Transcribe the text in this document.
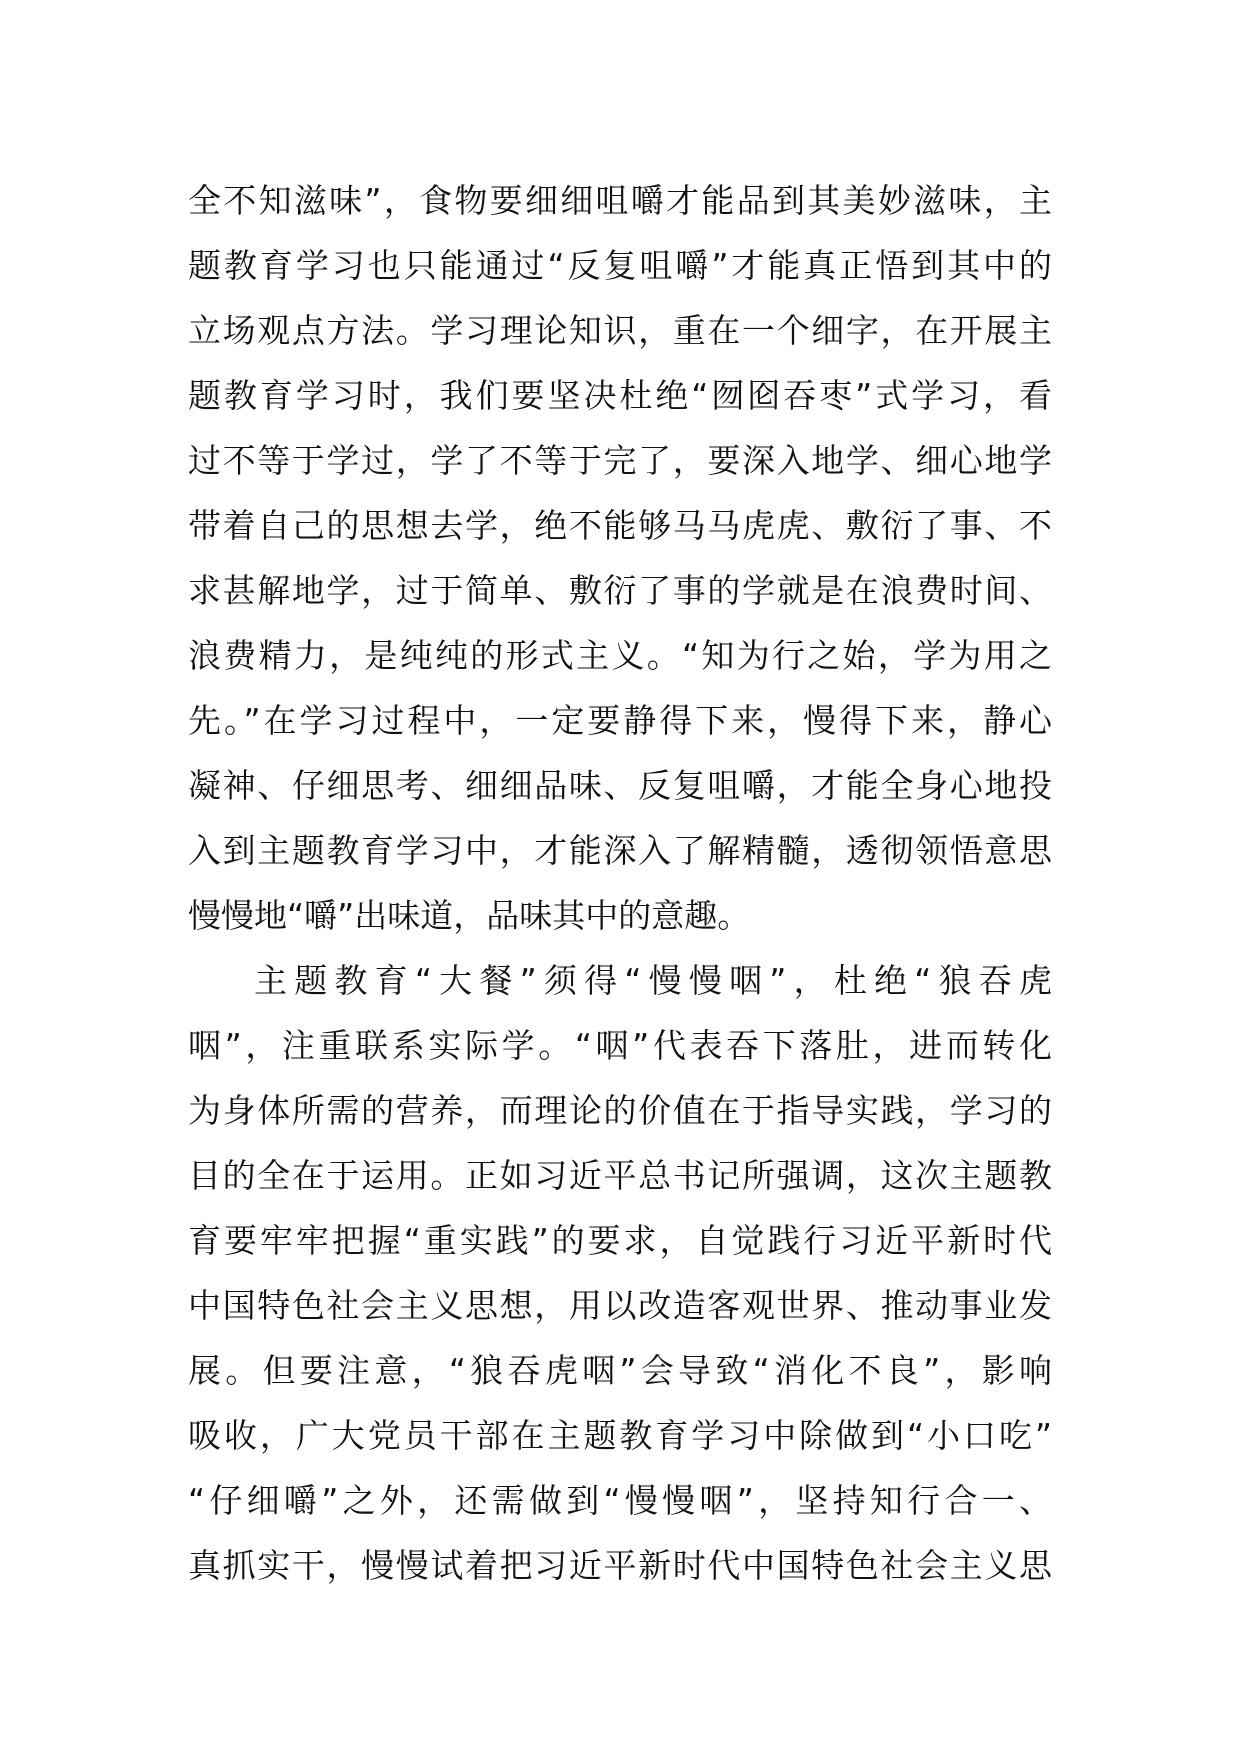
全不知滋味”，食物要细细咀嚼才能品到其美妙滋味，主
题教育学习也只能通过“反复咀嚼”才能真正悟到其中的
立场观点方法。学习理论知识，重在一个细字，在开展主
题教育学习时，我们要坚决杜绝“囫囵吞枣”式学习，看
过不等于学过，学了不等于完了，要深入地学、细心地学
带着自己的思想去学，绝不能够马马虎虎、敷衍了事、不
求甚解地学，过于简单、敷衍了事的学就是在浪费时间、
浪费精力，是纯纯的形式主义。“知为行之始，学为用之
先。”在学习过程中，一定要静得下来，慢得下来，静心
凝神、仔细思考、细细品味、反复咀嚼，才能全身心地投
入到主题教育学习中，才能深入了解精髓，透彻领悟意思
慢慢地“嚼”出味道，品味其中的意趣。
主题教育“大餐”须得“慢慢咽”，杜绝“狼吞虎
咽”，注重联系实际学。“咽”代表吞下落肚，进而转化
为身体所需的营养，而理论的价值在于指导实践，学习的
目的全在于运用。正如习近平总书记所强调，这次主题教
育要牢牢把握“重实践”的要求，自觉践行习近平新时代
中国特色社会主义思想，用以改造客观世界、推动事业发
展。但要注意，“狼吞虎咽”会导致“消化不良”，影响
吸收，广大党员干部在主题教育学习中除做到“小口吃”
“仔细嚼”之外，还需做到“慢慢咽”，坚持知行合一、
真抓实干，慢慢试着把习近平新时代中国特色社会主义思
